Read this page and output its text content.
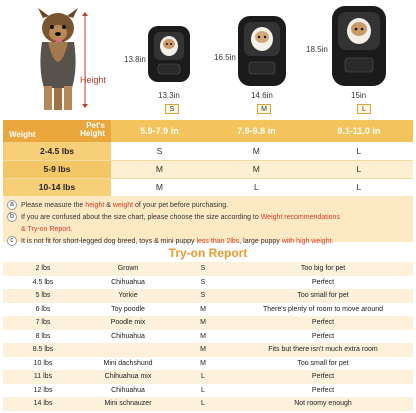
Height
13.8in
13.3in
S
16.5in
14.6in
M
18.5in
15in
L
Pet's
Height
Weight	5.9-7.9 in	7.9-9.8 in	9.1-11.0 in
2-4.5 lbs	S	M	L
5-9 lbs	M	M	L
10-14 lbs	M	L	L
a	Please measure the height & weight of your pet before purchasing.
b	If you are confused about the size chart, please choose the size according to Weight recommendations
& Try-on Report.
c	It is not fit for short-legged dog breed, toys & mini puppy less than 2lbs, large puppy with high weight.
Try-on Report
2 lbs	Grown	S	Too big for pet
4.5 lbs	Chihuahua	S	Perfect
5 lbs	Yorkie	S	Too small for pet
6 lbs	Toy poodle	M	There's plenty of room to move around
7 lbs	Poodle mix	M	Perfect
8 lbs	Chihuahua	M	Perfect
8.5 lbs		M	Fits but there isn't much extra room
10 lbs	Mini dachshund	M	Too small for pet
11 lbs	Chihuahua mix	L	Perfect
12 lbs	Chihuahua	L	Perfect
14 lbs	Mini schnauzer	L	Not roomy enough
